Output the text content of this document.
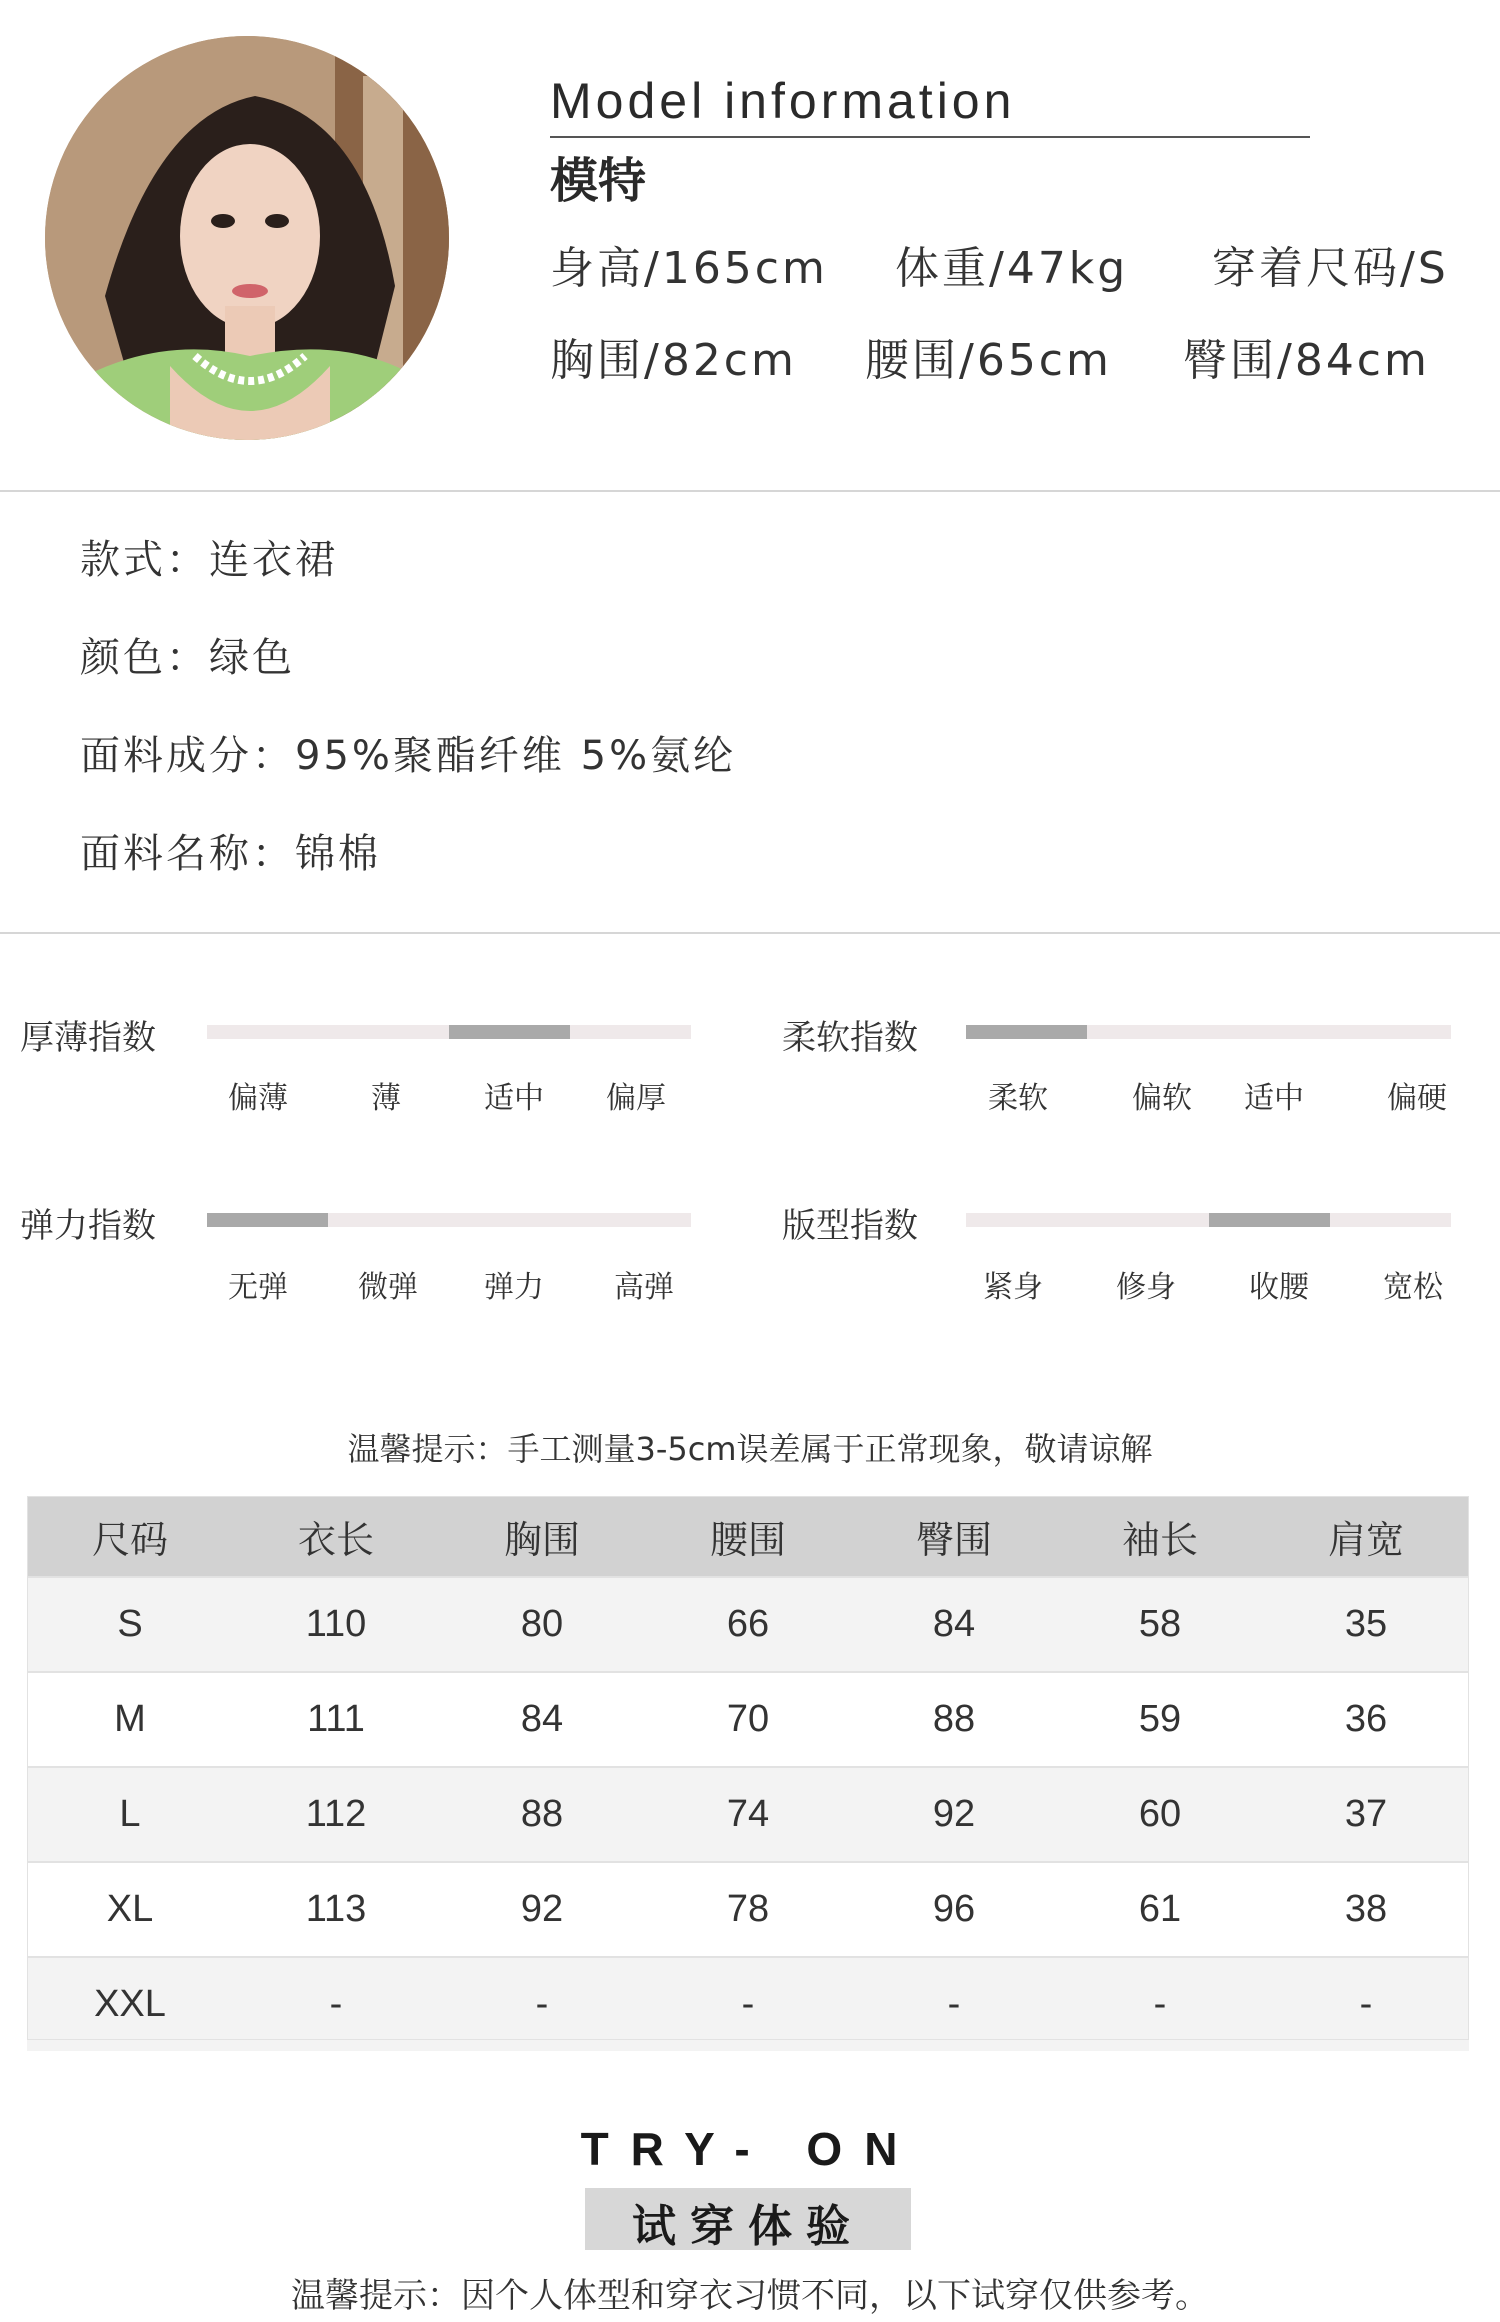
Model information
模特
身高/165cm 体重/47kg 穿着尺码/S
胸围/82cm 腰围/65cm 臀围/84cm
款式：连衣裙
颜色：绿色
面料成分：95%聚酯纤维 5%氨纶
面料名称：锦棉
厚薄指数
偏薄	薄	适中 偏厚
柔软指数
柔软	偏软 适中	偏硬
弹力指数
无弹 微弹 弹力 高弹
版型指数
紧身 修身 收腰 宽松
温馨提示：手工测量3-5cm误差属于正常现象，敬请谅解
尺码	衣长	胸围	腰围	臀围	袖长	肩宽
S	110	80	66	84	58	35
M	111	84	70	88	59	36
L	112	88	74	92	60	37
XL	113	92	78	96	61	38
XXL	-	-	-	-	-	-
TRY- ON
试穿体验
温馨提示：因个人体型和穿衣习惯不同，以下试穿仅供参考。
